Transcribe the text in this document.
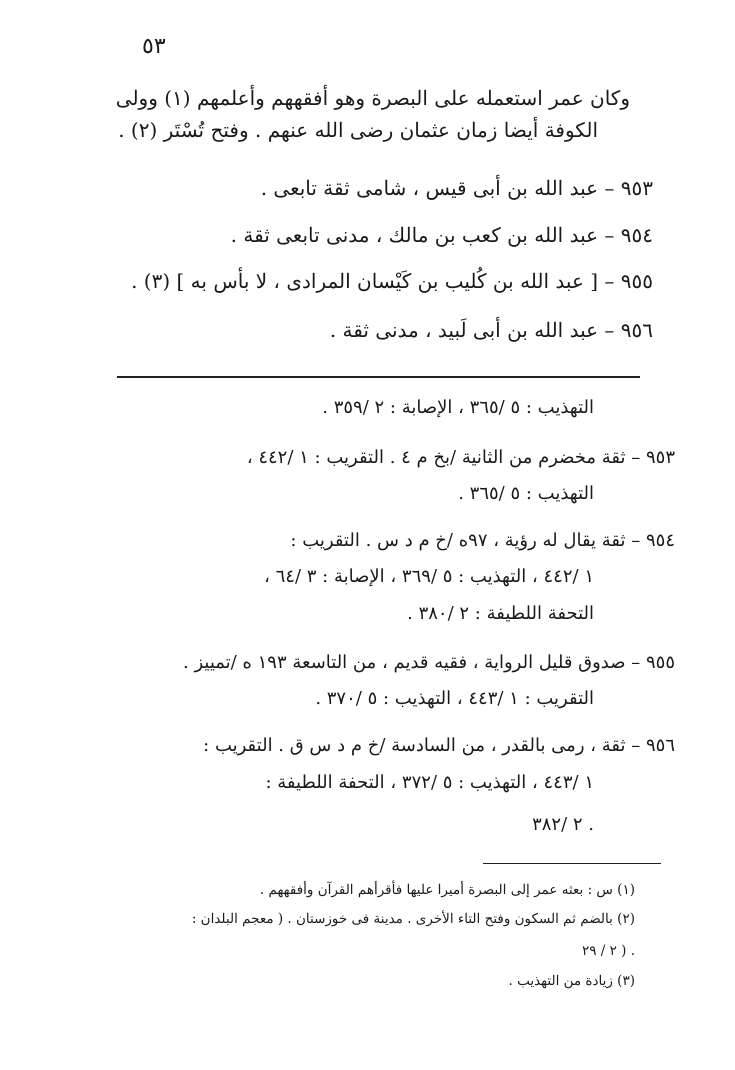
٥٣
وكان عمر استعمله على البصرة وهو أفقههم وأعلمهم (١) وولى
الكوفة أيضا زمان عثمان رضى الله عنهم . وفتح تُسْتَر (٢) .
٩٥٣ – عبد الله بن أبى قيس ، شامى ثقة تابعى .
٩٥٤ – عبد الله بن كعب بن مالك ، مدنى تابعى ثقة .
٩٥٥ – [ عبد الله بن كُليب بن كَيْسان المرادى ، لا بأس به ] (٣) .
٩٥٦ – عبد الله بن أبى لَبيد ، مدنى ثقة .
التهذيب : ٥ /٣٦٥ ، الإصابة : ٢ /٣٥٩ .
٩٥٣ – ثقة مخضرم من الثانية /بخ م ٤ . التقريب : ١ /٤٤٢ ،
التهذيب : ٥ /٣٦٥ .
٩٥٤ – ثقة يقال له رؤية ، ٩٧ه /خ م د س . التقريب :
١ /٤٤٢ ، التهذيب : ٥ /٣٦٩ ، الإصابة : ٣ /٦٤ ،
التحفة اللطيفة : ٢ /٣٨٠ .
٩٥٥ – صدوق قليل الرواية ، فقيه قديم ، من التاسعة ١٩٣ ه /تمييز .
التقريب : ١ /٤٤٣ ، التهذيب : ٥ /٣٧٠ .
٩٥٦ – ثقة ، رمى بالقدر ، من السادسة /خ م د س ق . التقريب :
١ /٤٤٣ ، التهذيب : ٥ /٣٧٢ ، التحفة اللطيفة :
٢ /٣٨٢ .
(١) س : بعثه عمر إلى البصرة أميرا عليها فأقرأهم القرآن وأفقههم .
(٢) بالضم ثم السكون وفتح التاء الأخرى . مدينة فى خوزستان . ( معجم البلدان :
٢ / ٢٩ ) .
(٣) زيادة من التهذيب .
